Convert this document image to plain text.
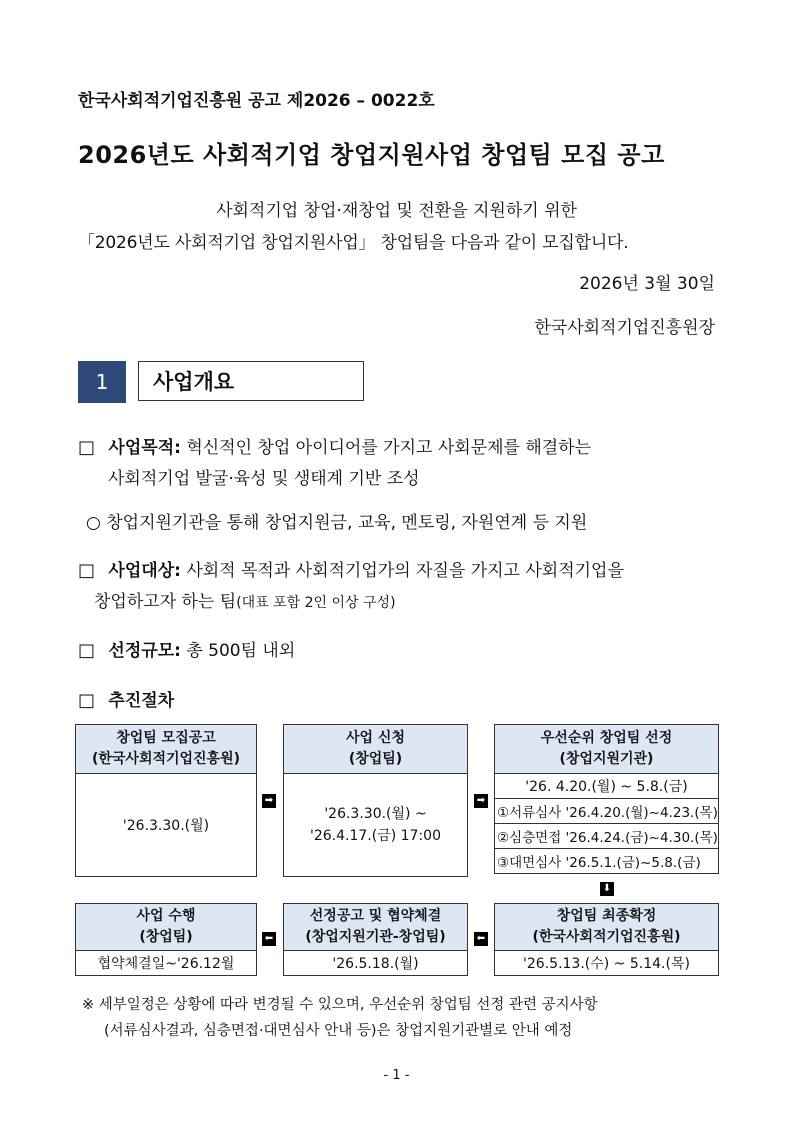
한국사회적기업진흥원 공고 제2026 – 0022호
2026년도 사회적기업 창업지원사업 창업팀 모집 공고
사회적기업 창업·재창업 및 전환을 지원하기 위한
「2026년도 사회적기업 창업지원사업」 창업팀을 다음과 같이 모집합니다.
2026년 3월 30일
한국사회적기업진흥원장
1	사업개요
□ 사업목적: 혁신적인 창업 아이디어를 가지고 사회문제를 해결하는
사회적기업 발굴·육성 및 생태계 기반 조성
○ 창업지원기관을 통해 창업지원금, 교육, 멘토링, 자원연계 등 지원
□ 사업대상: 사회적 목적과 사회적기업가의 자질을 가지고 사회적기업을
창업하고자 하는 팀(대표 포함 2인 이상 구성)
□ 선정규모: 총 500팀 내외
□ 추진절차
창업팀 모집공고
(한국사회적기업진흥원)

'26.3.30.(월)
➡
사업 신청
(창업팀)

'26.3.30.(월) ~
'26.4.17.(금) 17:00
➡
우선순위 창업팀 선정
(창업지원기관)

'26. 4.20.(월) ~ 5.8.(금)
①서류심사 '26.4.20.(월)~4.23.(목)
②심층면접 '26.4.24.(금)~4.30.(목)
③대면심사 '26.5.1.(금)~5.8.(금)
⬇
사업 수행
(창업팀)

협약체결일~'26.12월
⬅
선정공고 및 협약체결
(창업지원기관-창업팀)

'26.5.18.(월)
⬅
창업팀 최종확정
(한국사회적기업진흥원)

'26.5.13.(수) ~ 5.14.(목)
※ 세부일정은 상황에 따라 변경될 수 있으며, 우선순위 창업팀 선정 관련 공지사항
(서류심사결과, 심층면접·대면심사 안내 등)은 창업지원기관별로 안내 예정
- 1 -
